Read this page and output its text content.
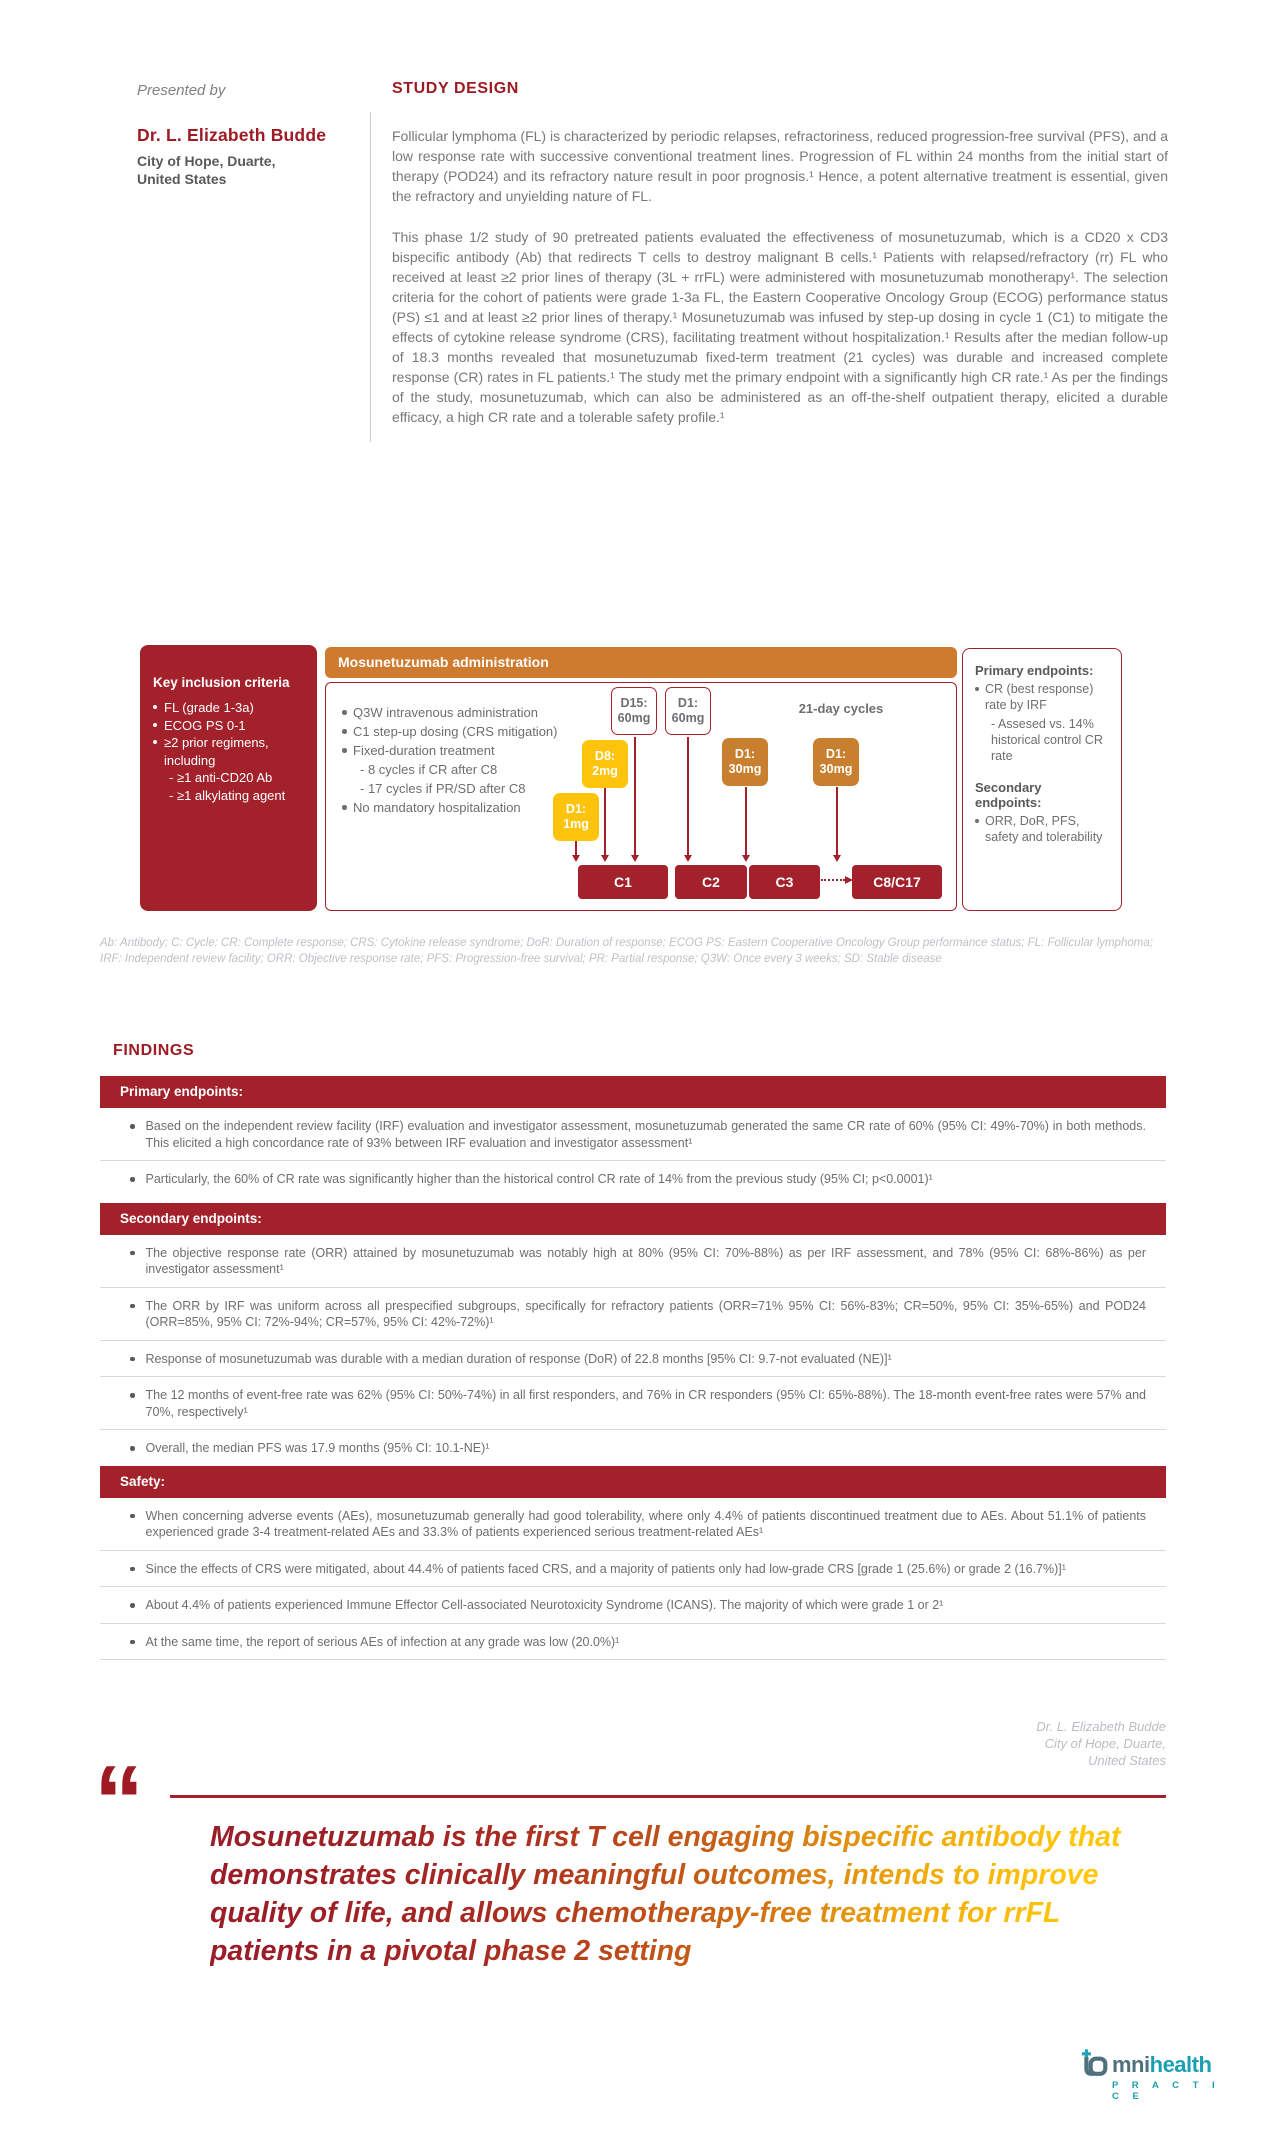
Presented by
Dr. L. Elizabeth Budde
City of Hope, Duarte,
United States
STUDY DESIGN

Follicular lymphoma (FL) is characterized by periodic relapses, refractoriness, reduced progression-free survival (PFS), and a low response rate with successive conventional treatment lines. Progression of FL within 24 months from the initial start of therapy (POD24) and its refractory nature result in poor prognosis.¹ Hence, a potent alternative treatment is essential, given the refractory and unyielding nature of FL.

This phase 1/2 study of 90 pretreated patients evaluated the effectiveness of mosunetuzumab, which is a CD20 x CD3 bispecific antibody (Ab) that redirects T cells to destroy malignant B cells.¹ Patients with relapsed/refractory (rr) FL who received at least ≥2 prior lines of therapy (3L + rrFL) were administered with mosunetuzumab monotherapy¹. The selection criteria for the cohort of patients were grade 1-3a FL, the Eastern Cooperative Oncology Group (ECOG) performance status (PS) ≤1 and at least ≥2 prior lines of therapy.¹ Mosunetuzumab was infused by step-up dosing in cycle 1 (C1) to mitigate the effects of cytokine release syndrome (CRS), facilitating treatment without hospitalization.¹ Results after the median follow-up of 18.3 months revealed that mosunetuzumab fixed-term treatment (21 cycles) was durable and increased complete response (CR) rates in FL patients.¹ The study met the primary endpoint with a significantly high CR rate.¹ As per the findings of the study, mosunetuzumab, which can also be administered as an off-the-shelf outpatient therapy, elicited a durable efficacy, a high CR rate and a tolerable safety profile.¹

Key inclusion criteria
FL (grade 1-3a)
ECOG PS 0-1
≥2 prior regimens, including
- ≥1 anti-CD20 Ab
- ≥1 alkylating agent
Mosunetuzumab administration
Q3W intravenous administration
C1 step-up dosing (CRS mitigation)
Fixed-duration treatment
- 8 cycles if CR after C8
- 17 cycles if PR/SD after C8
No mandatory hospitalization
21-day cycles
D1:
1mg
D8:
2mg
D15:
60mg
D1:
60mg
D1:
30mg
D1:
30mg
C1	C2	C3	C8/C17
Primary endpoints:
CR (best response) rate by IRF
- Assesed vs. 14% historical control CR rate
Secondary endpoints:
ORR, DoR, PFS, safety and tolerability
Ab: Antibody; C: Cycle; CR: Complete response; CRS: Cytokine release syndrome; DoR: Duration of response; ECOG PS: Eastern Cooperative Oncology Group performance status; FL: Follicular lymphoma; IRF: Independent review facility; ORR: Objective response rate; PFS: Progression-free survival; PR: Partial response; Q3W: Once every 3 weeks; SD: Stable disease
FINDINGS
Primary endpoints:

Based on the independent review facility (IRF) evaluation and investigator assessment, mosunetuzumab generated the same CR rate of 60% (95% CI: 49%-70%) in both methods. This elicited a high concordance rate of 93% between IRF evaluation and investigator assessment¹

Particularly, the 60% of CR rate was significantly higher than the historical control CR rate of 14% from the previous study (95% CI; p<0.0001)¹

Secondary endpoints:

The objective response rate (ORR) attained by mosunetuzumab was notably high at 80% (95% CI: 70%-88%) as per IRF assessment, and 78% (95% CI: 68%-86%) as per investigator assessment¹

The ORR by IRF was uniform across all prespecified subgroups, specifically for refractory patients (ORR=71% 95% CI: 56%-83%; CR=50%, 95% CI: 35%-65%) and POD24 (ORR=85%, 95% CI: 72%-94%; CR=57%, 95% CI: 42%-72%)¹

Response of mosunetuzumab was durable with a median duration of response (DoR) of 22.8 months [95% CI: 9.7-not evaluated (NE)]¹

The 12 months of event-free rate was 62% (95% CI: 50%-74%) in all first responders, and 76% in CR responders (95% CI: 65%-88%). The 18-month event-free rates were 57% and 70%, respectively¹

Overall, the median PFS was 17.9 months (95% CI: 10.1-NE)¹

Safety:

When concerning adverse events (AEs), mosunetuzumab generally had good tolerability, where only 4.4% of patients discontinued treatment due to AEs. About 51.1% of patients experienced grade 3-4 treatment-related AEs and 33.3% of patients experienced serious treatment-related AEs¹

Since the effects of CRS were mitigated, about 44.4% of patients faced CRS, and a majority of patients only had low-grade CRS [grade 1 (25.6%) or grade 2 (16.7%)]¹

About 4.4% of patients experienced Immune Effector Cell-associated Neurotoxicity Syndrome (ICANS). The majority of which were grade 1 or 2¹

At the same time, the report of serious AEs of infection at any grade was low (20.0%)¹

Dr. L. Elizabeth Budde
City of Hope, Duarte,
United States
“ Mosunetuzumab is the first T cell engaging bispecific antibody that demonstrates clinically meaningful outcomes, intends to improve quality of life, and allows chemotherapy-free treatment for rrFL patients in a pivotal phase 2 setting
mni health
P R A C T I C E
